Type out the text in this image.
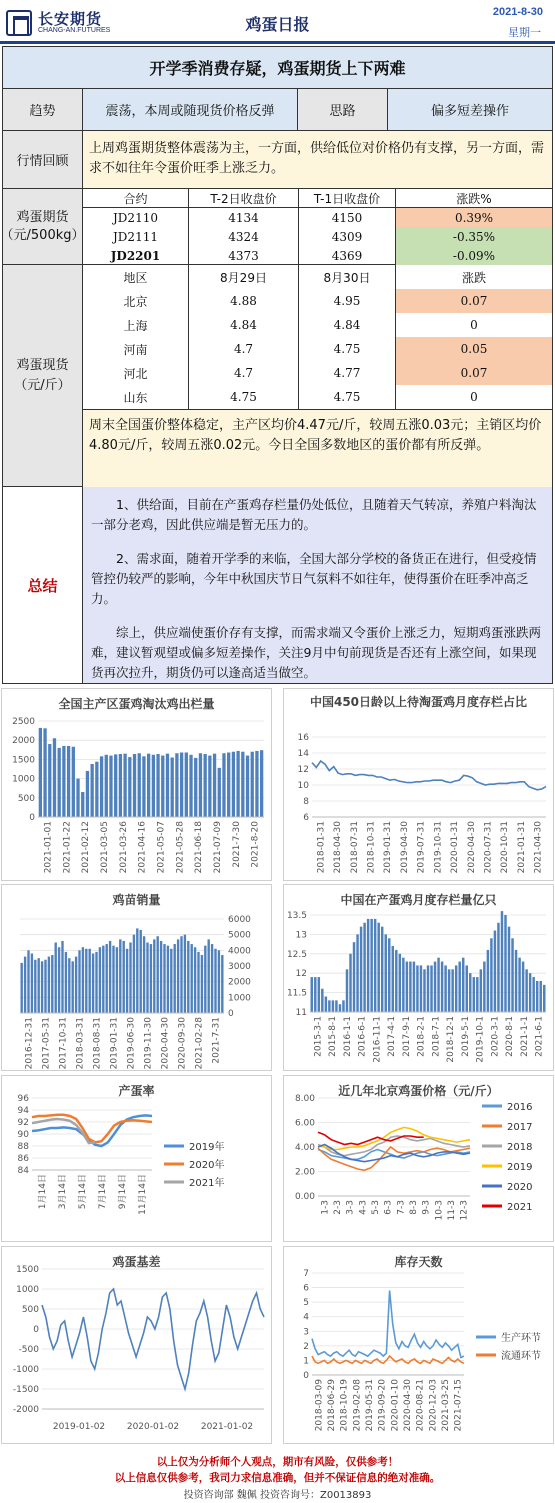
长安期货
CHANG-AN.FUTURES	鸡蛋日报
2021-8-30
星期一
开学季消费存疑，鸡蛋期货上下两难
趋势	震荡，本周或随现货价格反弹	思路	偏多短差操作
行情回顾
上周鸡蛋期货整体震荡为主，一方面，供给低位对价格仍有支撑，另一方面，需求不如往年令蛋价旺季上涨乏力。
鸡蛋期货（元/500kg）
合约	T-2日收盘价	T-1日收盘价	涨跌%
JD2110	4134	4150	0.39%
JD2111	4324	4309	-0.35%
JD2201	4373	4369	-0.09%
鸡蛋现货（元/斤）
地区	8月29日	8月30日	涨跌
北京	4.88	4.95	0.07
上海	4.84	4.84	0
河南	4.7	4.75	0.05
河北	4.7	4.77	0.07
山东	4.75	4.75	0
周末全国蛋价整体稳定，主产区均价4.47元/斤，较周五涨0.03元；主销区均价4.80元/斤，较周五涨0.02元。今日全国多数地区的蛋价都有所反弹。
总结

1、供给面，目前在产蛋鸡存栏量仍处低位，且随着天气转凉，养殖户料淘汰一部分老鸡，因此供应端是暂无压力的。

2、需求面，随着开学季的来临，全国大部分学校的备货正在进行，但受疫情管控仍较严的影响，今年中秋国庆节日气氛料不如往年，使得蛋价在旺季冲高乏力。

综上，供应端使蛋价存有支撑，而需求端又令蛋价上涨乏力，短期鸡蛋涨跌两难，建议暂观望或偏多短差操作，关注9月中旬前现货是否还有上涨空间，如果现货再次拉升，期货仍可以逢高适当做空。

全国主产区蛋鸡淘汰鸡出栏量
0
500
1000
1500
2000
2500
2021-01-01 2021-01-22 2021-02-12 2021-03-05 2021-03-26 2021-04-16 2021-05-07 2021-05-28 2021-06-18 2021-07-09 2021-7-30 2021-8-20
中国450日龄以上待淘蛋鸡月度存栏占比
6
8
10
12
14
16
2018-01-31 2018-04-30 2018-07-31 2018-10-31 2019-01-31 2019-04-30 2019-07-31 2019-10-31 2020-01-31 2020-04-30 2020-07-31 2020-10-31 2021-01-31 2021-04-30
鸡苗销量
0
1000
2000
3000
4000
5000
6000
2016-12-31 2017-05-31 2017-10-31 2018-03-31 2018-08-31 2019-01-31 2019-06-30 2019-11-30 2020-04-30 2020-09-30 2021-02-28 2021-7-31
中国在产蛋鸡月度存栏量亿只
11
11.5
12
12.5
13
13.5
2015-3-1 2015-8-1 2016-1-1 2016-6-1 2016-11-1 2017-4-1 2017-9-1 2018-2-1 2018-7-1 2018-12-1 2019-5-1 2019-10-1 2020-3-1 2020-8-1 2021-1-1 2021-6-1
产蛋率
84
86
88
90
92
94
96
1月14日 3月14日 5月14日 7月14日 9月14日 11月14日
2019年
2020年
2021年
近几年北京鸡蛋价格（元/斤）
0.00
2.00
4.00
6.00
8.00
1-3 2-3 3-3 4-3 5-3 6-3 7-3 8-3 9-3 10-3 11-3 12-3
2016
2017
2018
2019
2020
2021
鸡蛋基差
-2000
-1500
-1000
-500
0
500
1000
1500
2019-01-02 2020-01-02 2021-01-02
库存天数
0
1
2
3
4
5
6
7
2018-03-09 2018-06-29 2018-10-19 2019-02-08 2019-05-31 2019-09-20 2020-01-10 2020-04-30 2020-08-21 2020-12-03 2021-03-25 2021-07-15
生产环节
流通环节
以上仅为分析师个人观点，期市有风险，仅供参考！
以上信息仅供参考，我司力求信息准确，但并不保证信息的绝对准确。
投资咨询部 魏佩 投资咨询号：Z0013893
